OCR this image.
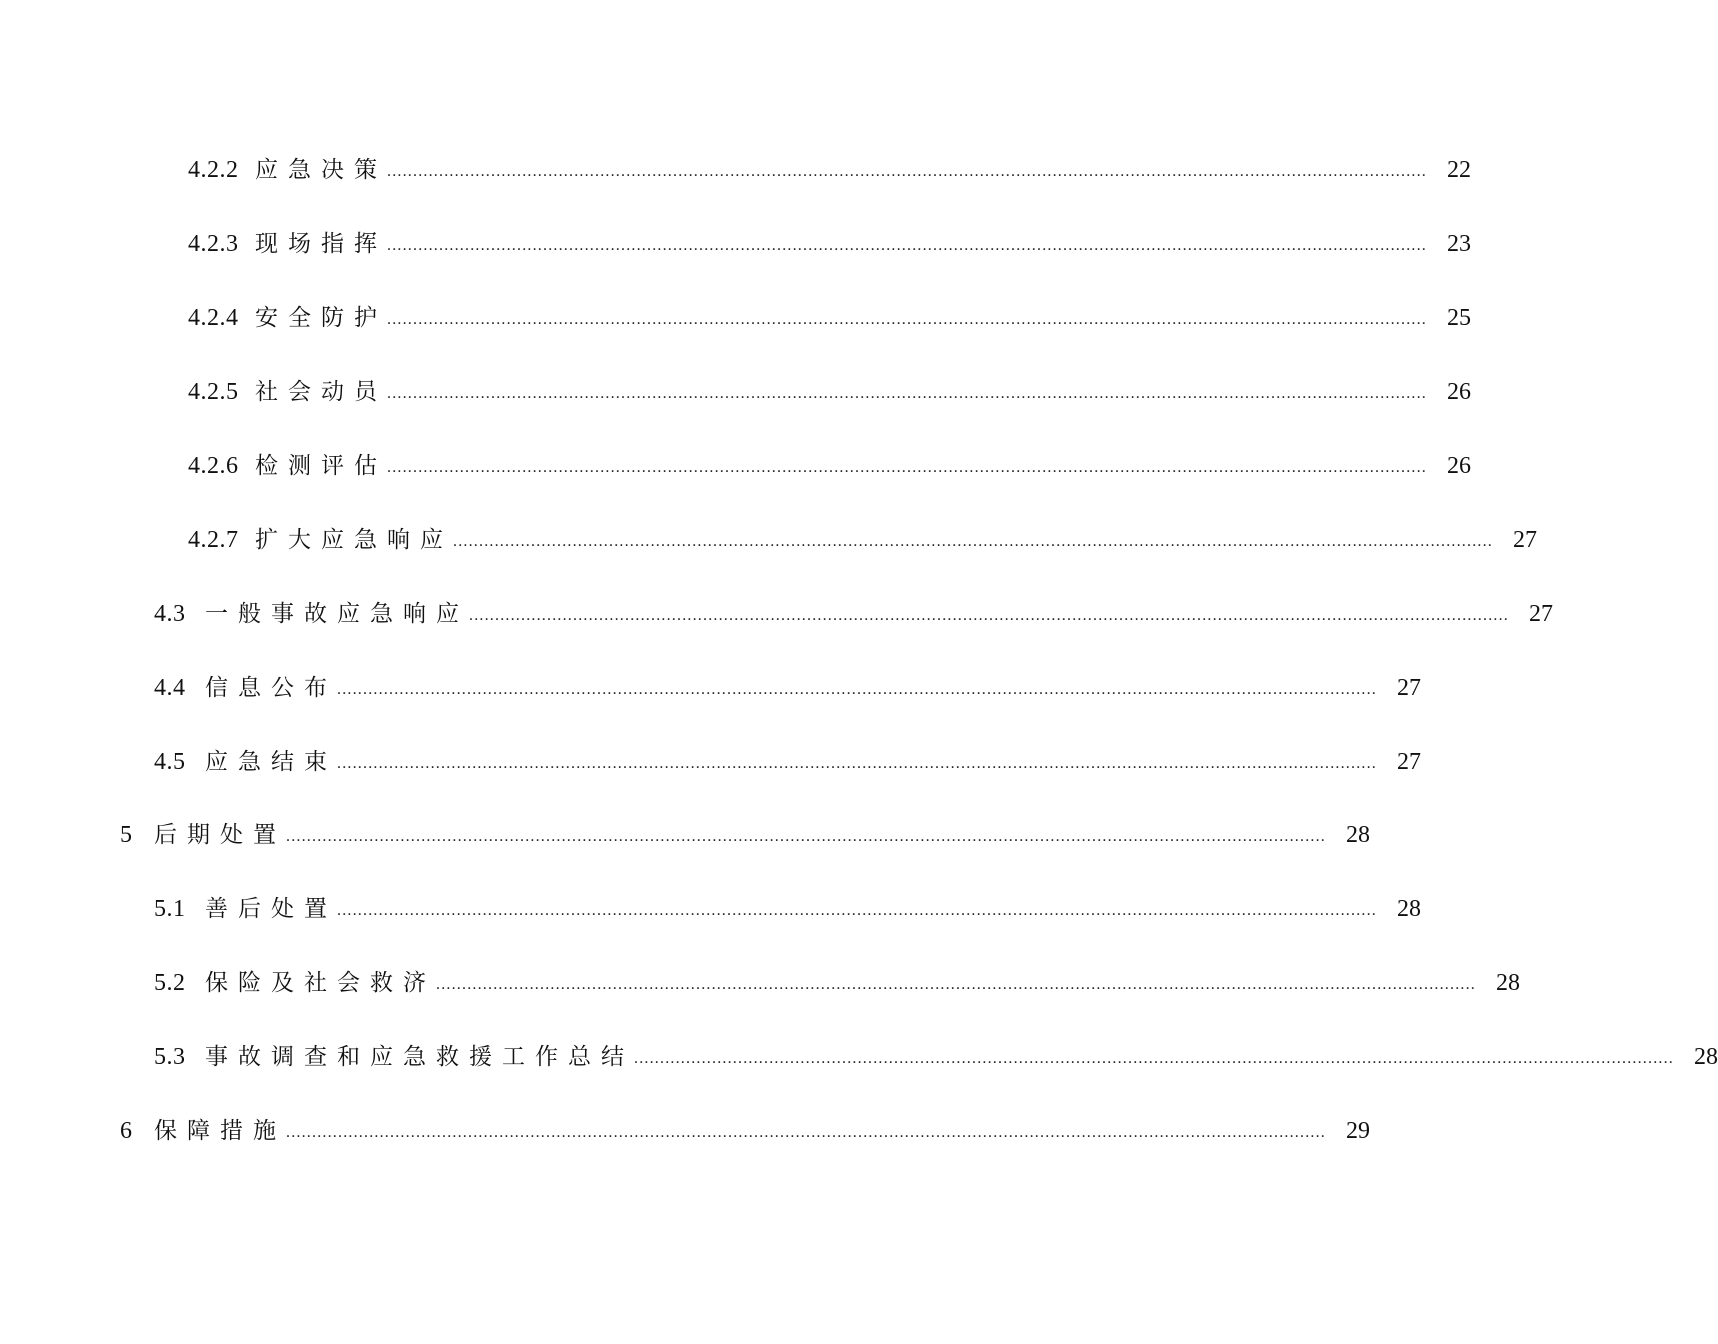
4.2.2 应急决策 ........................................................................................................................................................................................................ 22
4.2.3 现场指挥 ........................................................................................................................................................................................................ 23
4.2.4 安全防护 ........................................................................................................................................................................................................ 25
4.2.5 社会动员 ........................................................................................................................................................................................................ 26
4.2.6 检测评估 ........................................................................................................................................................................................................ 26
4.2.7 扩大应急响应 ........................................................................................................................................................................................................ 27
4.3 一般事故应急响应 ........................................................................................................................................................................................................ 27
4.4 信息公布 ........................................................................................................................................................................................................ 27
4.5 应急结束 ........................................................................................................................................................................................................ 27
5 后期处置 ........................................................................................................................................................................................................ 28
5.1 善后处置 ........................................................................................................................................................................................................ 28
5.2 保险及社会救济 ........................................................................................................................................................................................................ 28
5.3 事故调查和应急救援工作总结 ........................................................................................................................................................................................................ 28
6 保障措施 ........................................................................................................................................................................................................ 29
